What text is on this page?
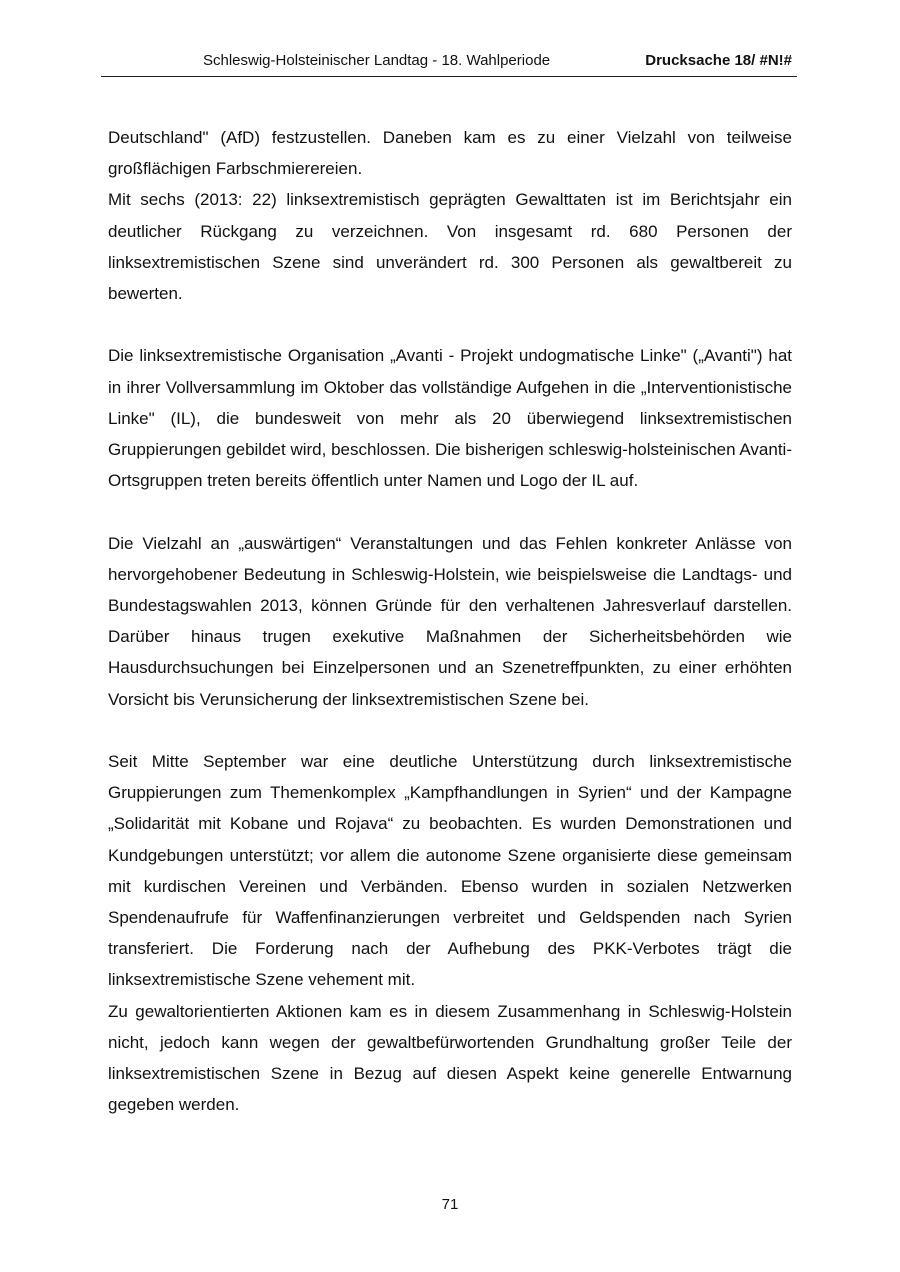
Schleswig-Holsteinischer Landtag - 18. Wahlperiode	Drucksache 18/ #N!#

Deutschland" (AfD) festzustellen. Daneben kam es zu einer Vielzahl von teilweise großflächigen Farbschmierereien.

Mit sechs (2013: 22) linksextremistisch geprägten Gewalttaten ist im Berichtsjahr ein deutlicher Rückgang zu verzeichnen. Von insgesamt rd. 680 Personen der linksextremistischen Szene sind unverändert rd. 300 Personen als gewaltbereit zu bewerten.

Die linksextremistische Organisation „Avanti - Projekt undogmatische Linke" („Avanti") hat in ihrer Vollversammlung im Oktober das vollständige Aufgehen in die „Interventionistische Linke" (IL), die bundesweit von mehr als 20 überwiegend linksextremistischen Gruppierungen gebildet wird, beschlossen. Die bisherigen schleswig-holsteinischen Avanti-Ortsgruppen treten bereits öffentlich unter Namen und Logo der IL auf.

Die Vielzahl an „auswärtigen“ Veranstaltungen und das Fehlen konkreter Anlässe von hervorgehobener Bedeutung in Schleswig-Holstein, wie beispielsweise die Landtags- und Bundestagswahlen 2013, können Gründe für den verhaltenen Jahresverlauf darstellen. Darüber hinaus trugen exekutive Maßnahmen der Sicherheitsbehörden wie Hausdurchsuchungen bei Einzelpersonen und an Szenetreffpunkten, zu einer erhöhten Vorsicht bis Verunsicherung der linksextremistischen Szene bei.

Seit Mitte September war eine deutliche Unterstützung durch linksextremistische Gruppierungen zum Themenkomplex „Kampfhandlungen in Syrien“ und der Kampagne „Solidarität mit Kobane und Rojava“ zu beobachten. Es wurden Demonstrationen und Kundgebungen unterstützt; vor allem die autonome Szene organisierte diese gemeinsam mit kurdischen Vereinen und Verbänden. Ebenso wurden in sozialen Netzwerken Spendenaufrufe für Waffenfinanzierungen verbreitet und Geldspenden nach Syrien transferiert. Die Forderung nach der Aufhebung des PKK-Verbotes trägt die linksextremistische Szene vehement mit.

Zu gewaltorientierten Aktionen kam es in diesem Zusammenhang in Schleswig-Holstein nicht, jedoch kann wegen der gewaltbefürwortenden Grundhaltung großer Teile der linksextremistischen Szene in Bezug auf diesen Aspekt keine generelle Entwarnung gegeben werden.

71
